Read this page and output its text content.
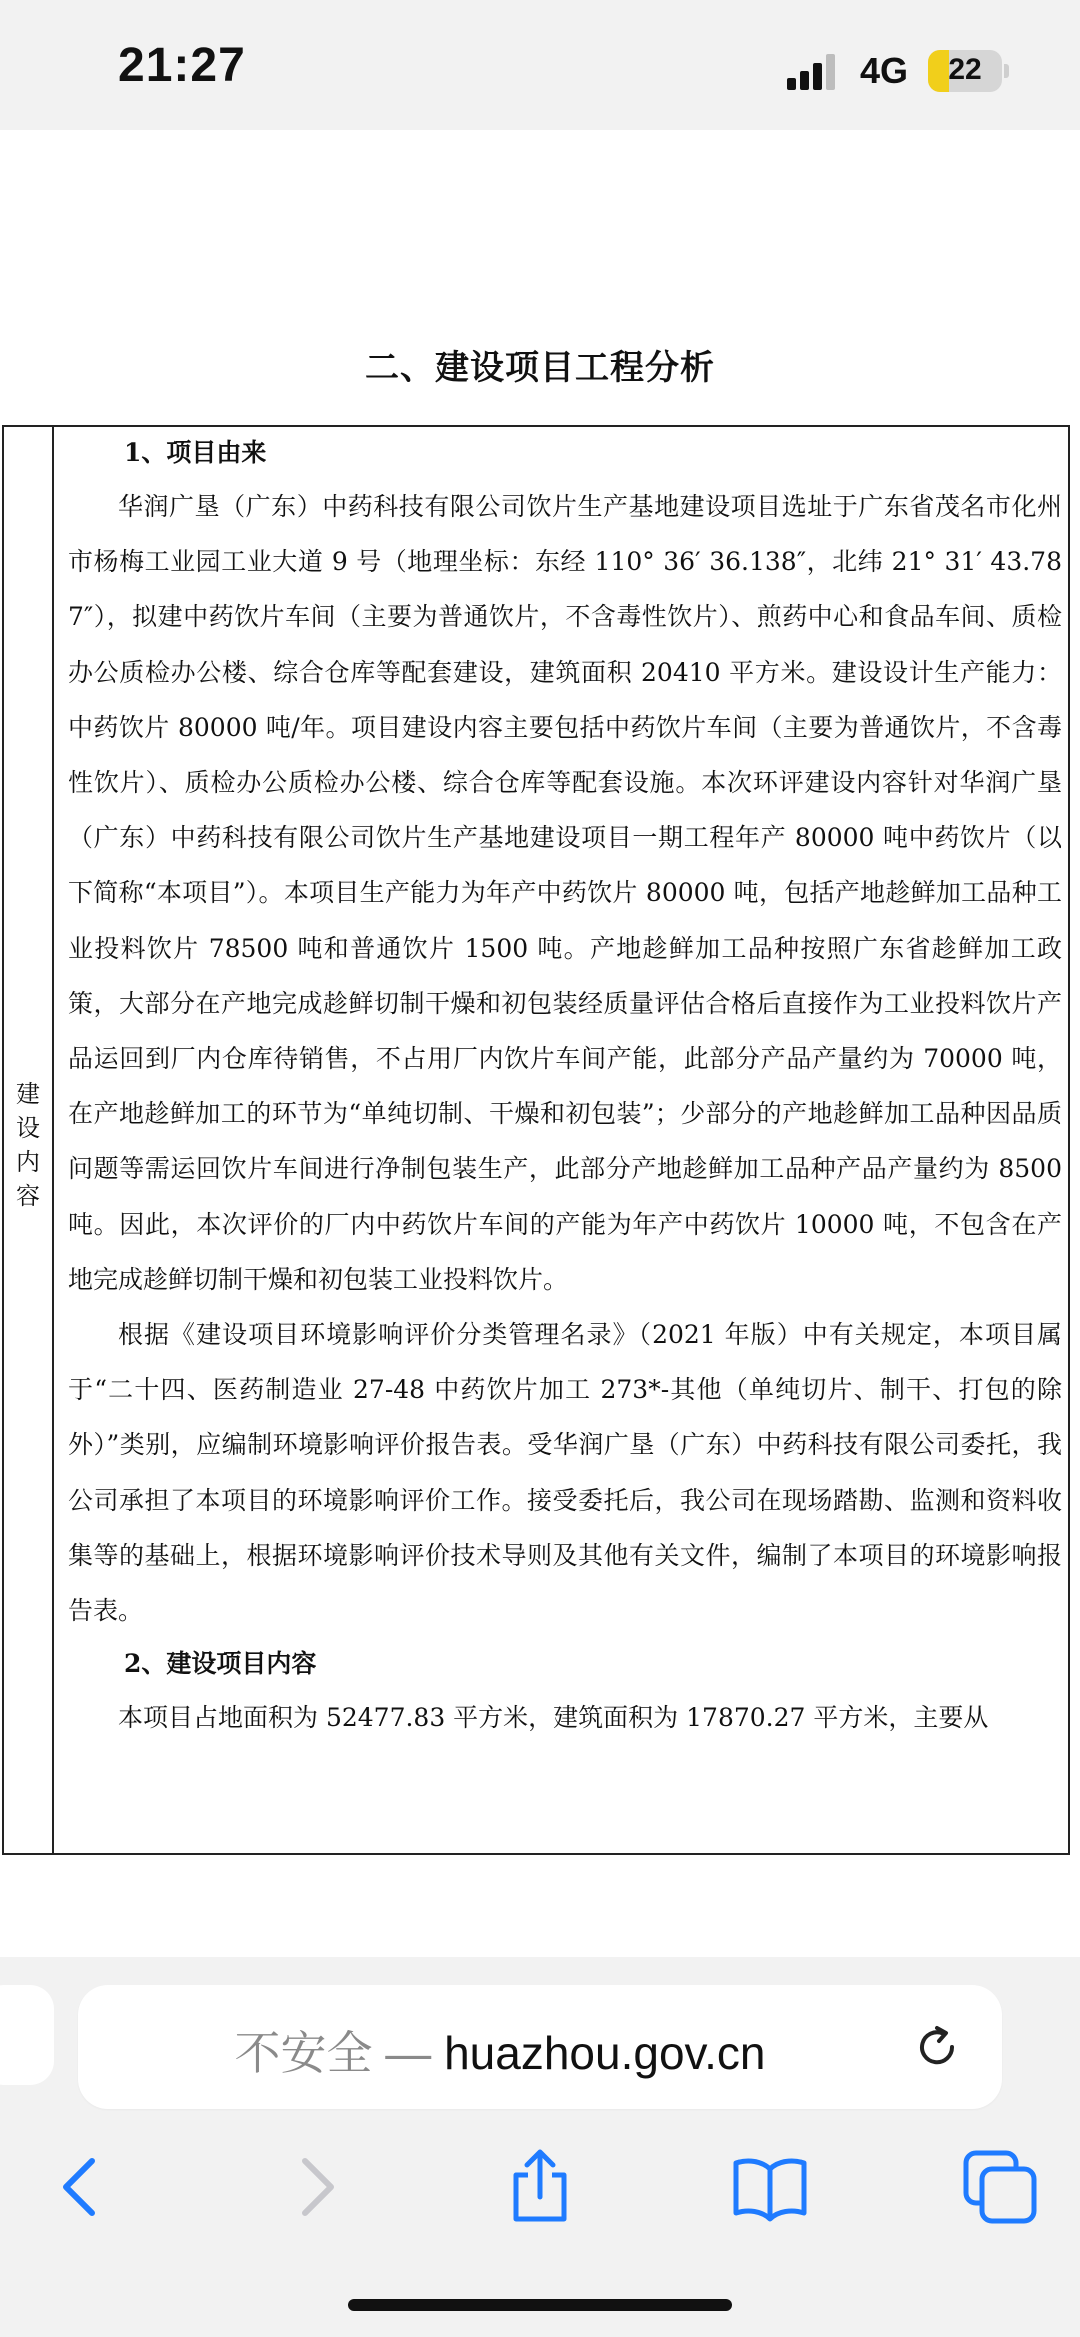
21:27	4G	22
二、建设项目工程分析
建
设
内
容
1、项目由来

华润广垦（广东）中药科技有限公司饮片生产基地建设项目选址于广东省茂名市化州市杨梅工业园工业大道 9 号（地理坐标：东经 110° 36′ 36.138″，北纬 21° 31′ 43.787″），拟建中药饮片车间（主要为普通饮片，不含毒性饮片）、煎药中心和食品车间、质检办公质检办公楼、综合仓库等配套建设，建筑面积 20410 平方米。建设设计生产能力：中药饮片 80000 吨/年。项目建设内容主要包括中药饮片车间（主要为普通饮片，不含毒性饮片）、质检办公质检办公楼、综合仓库等配套设施。本次环评建设内容针对华润广垦（广东）中药科技有限公司饮片生产基地建设项目一期工程年产 80000 吨中药饮片（以下简称“本项目”）。本项目生产能力为年产中药饮片 80000 吨，包括产地趁鲜加工品种工业投料饮片 78500 吨和普通饮片 1500 吨。产地趁鲜加工品种按照广东省趁鲜加工政策，大部分在产地完成趁鲜切制干燥和初包装经质量评估合格后直接作为工业投料饮片产品运回到厂内仓库待销售，不占用厂内饮片车间产能，此部分产品产量约为 70000 吨，在产地趁鲜加工的环节为“单纯切制、干燥和初包装”；少部分的产地趁鲜加工品种因品质问题等需运回饮片车间进行净制包装生产，此部分产地趁鲜加工品种产品产量约为 8500 吨。因此，本次评价的厂内中药饮片车间的产能为年产中药饮片 10000 吨，不包含在产地完成趁鲜切制干燥和初包装工业投料饮片。

根据《建设项目环境影响评价分类管理名录》（2021 年版）中有关规定，本项目属于“二十四、医药制造业 27-48 中药饮片加工 273*-其他（单纯切片、制干、打包的除外）”类别，应编制环境影响评价报告表。受华润广垦（广东）中药科技有限公司委托，我公司承担了本项目的环境影响评价工作。接受委托后，我公司在现场踏勘、监测和资料收集等的基础上，根据环境影响评价技术导则及其他有关文件，编制了本项目的环境影响报告表。

2、建设项目内容

本项目占地面积为 52477.83 平方米，建筑面积为 17870.27 平方米，主要从

不安全 — huazhou.gov.cn
